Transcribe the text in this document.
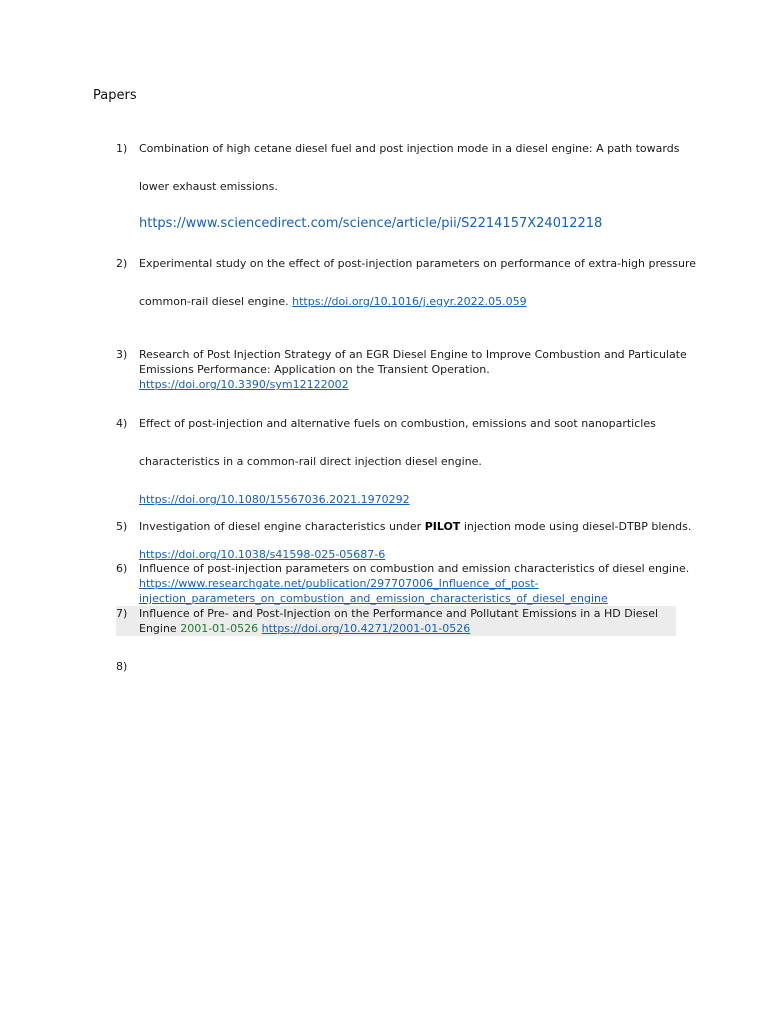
Papers
1) Combination of high cetane diesel fuel and post injection mode in a diesel engine: A path towards
lower exhaust emissions.
https://www.sciencedirect.com/science/article/pii/S2214157X24012218
2) Experimental study on the effect of post-injection parameters on performance of extra-high pressure
common-rail diesel engine. https://doi.org/10.1016/j.egyr.2022.05.059
3) Research of Post Injection Strategy of an EGR Diesel Engine to Improve Combustion and Particulate
Emissions Performance: Application on the Transient Operation.
https://doi.org/10.3390/sym12122002
4) Effect of post-injection and alternative fuels on combustion, emissions and soot nanoparticles
characteristics in a common-rail direct injection diesel engine.
https://doi.org/10.1080/15567036.2021.1970292
5) Investigation of diesel engine characteristics under PILOT injection mode using diesel-DTBP blends.
https://doi.org/10.1038/s41598-025-05687-6
6) Influence of post-injection parameters on combustion and emission characteristics of diesel engine.
https://www.researchgate.net/publication/297707006_Influence_of_post-
injection_parameters_on_combustion_and_emission_characteristics_of_diesel_engine
7) Influence of Pre- and Post-Injection on the Performance and Pollutant Emissions in a HD Diesel
Engine 2001-01-0526 https://doi.org/10.4271/2001-01-0526
8)
